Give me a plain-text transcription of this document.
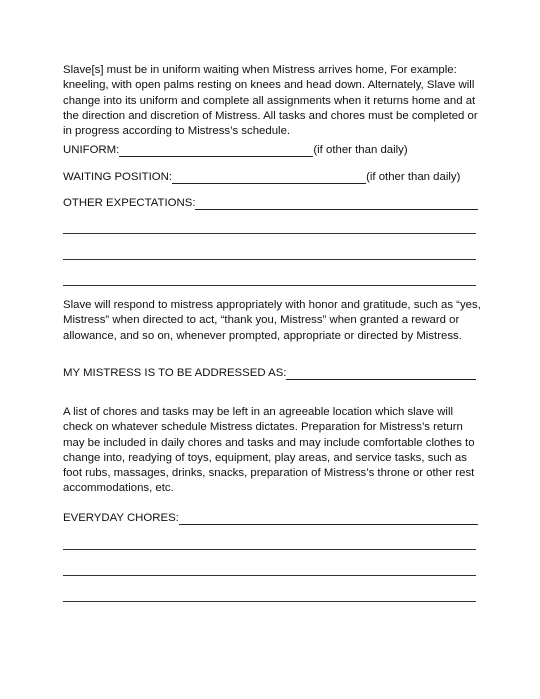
Slave[s] must be in uniform waiting when Mistress arrives home, For example: kneeling, with open palms resting on knees and head down. Alternately, Slave will change into its uniform and complete all assignments when it returns home and at the direction and discretion of Mistress. All tasks and chores must be completed or in progress according to Mistress’s schedule.

UNIFORM:	(if other than daily)
WAITING POSITION:	(if other than daily)
OTHER EXPECTATIONS:

Slave will respond to mistress appropriately with honor and gratitude, such as “yes, Mistress” when directed to act, “thank you, Mistress” when granted a reward or allowance, and so on, whenever prompted, appropriate or directed by Mistress.

MY MISTRESS IS TO BE ADDRESSED AS:

A list of chores and tasks may be left in an agreeable location which slave will check on whatever schedule Mistress dictates. Preparation for Mistress’s return may be included in daily chores and tasks and may include comfortable clothes to change into, readying of toys, equipment, play areas, and service tasks, such as foot rubs, massages, drinks, snacks, preparation of Mistress’s throne or other rest accommodations, etc.

EVERYDAY CHORES:
